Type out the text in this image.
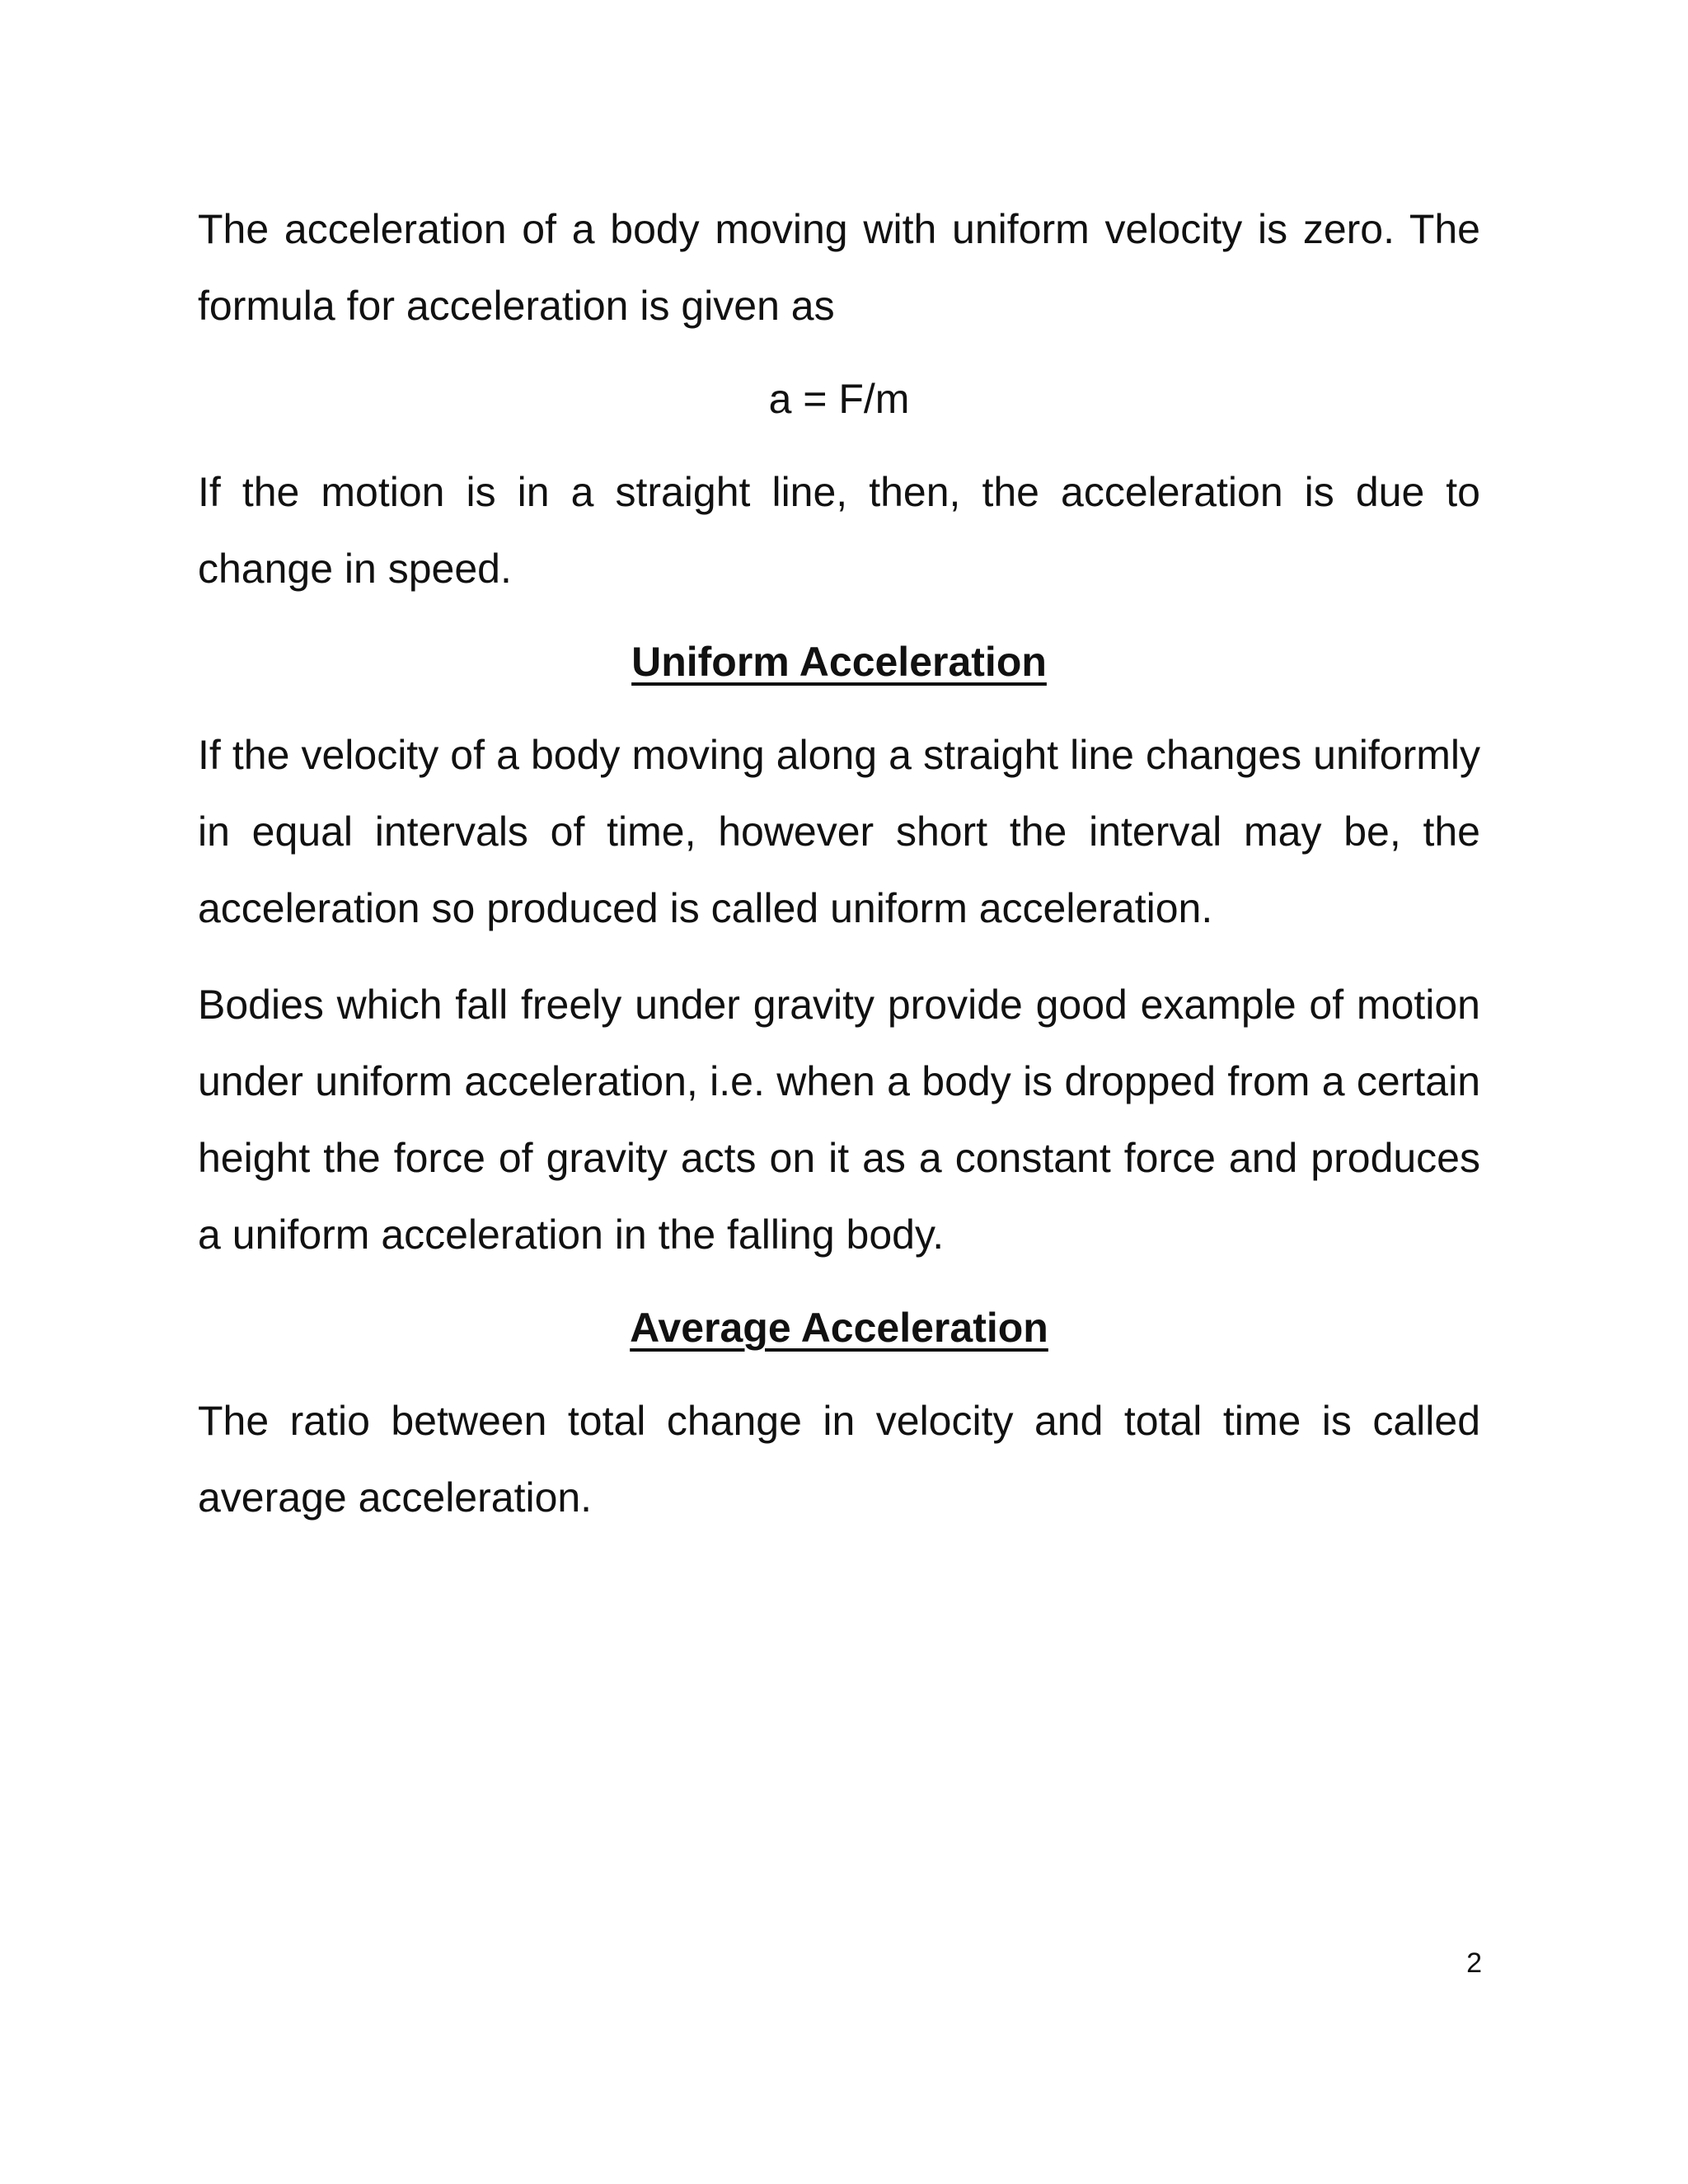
The acceleration of a body moving with uniform velocity is zero. The formula for acceleration is given as

a = F/m

If the motion is in a straight line, then, the acceleration is due to change in speed.

Uniform Acceleration

If the velocity of a body moving along a straight line changes uniformly in equal intervals of time, however short the interval may be, the acceleration so produced is called uniform acceleration.

Bodies which fall freely under gravity provide good example of motion under uniform acceleration, i.e. when a body is dropped from a certain height the force of gravity acts on it as a constant force and produces a uniform acceleration in the falling body.

Average Acceleration

The ratio between total change in velocity and total time is called average acceleration.

2
